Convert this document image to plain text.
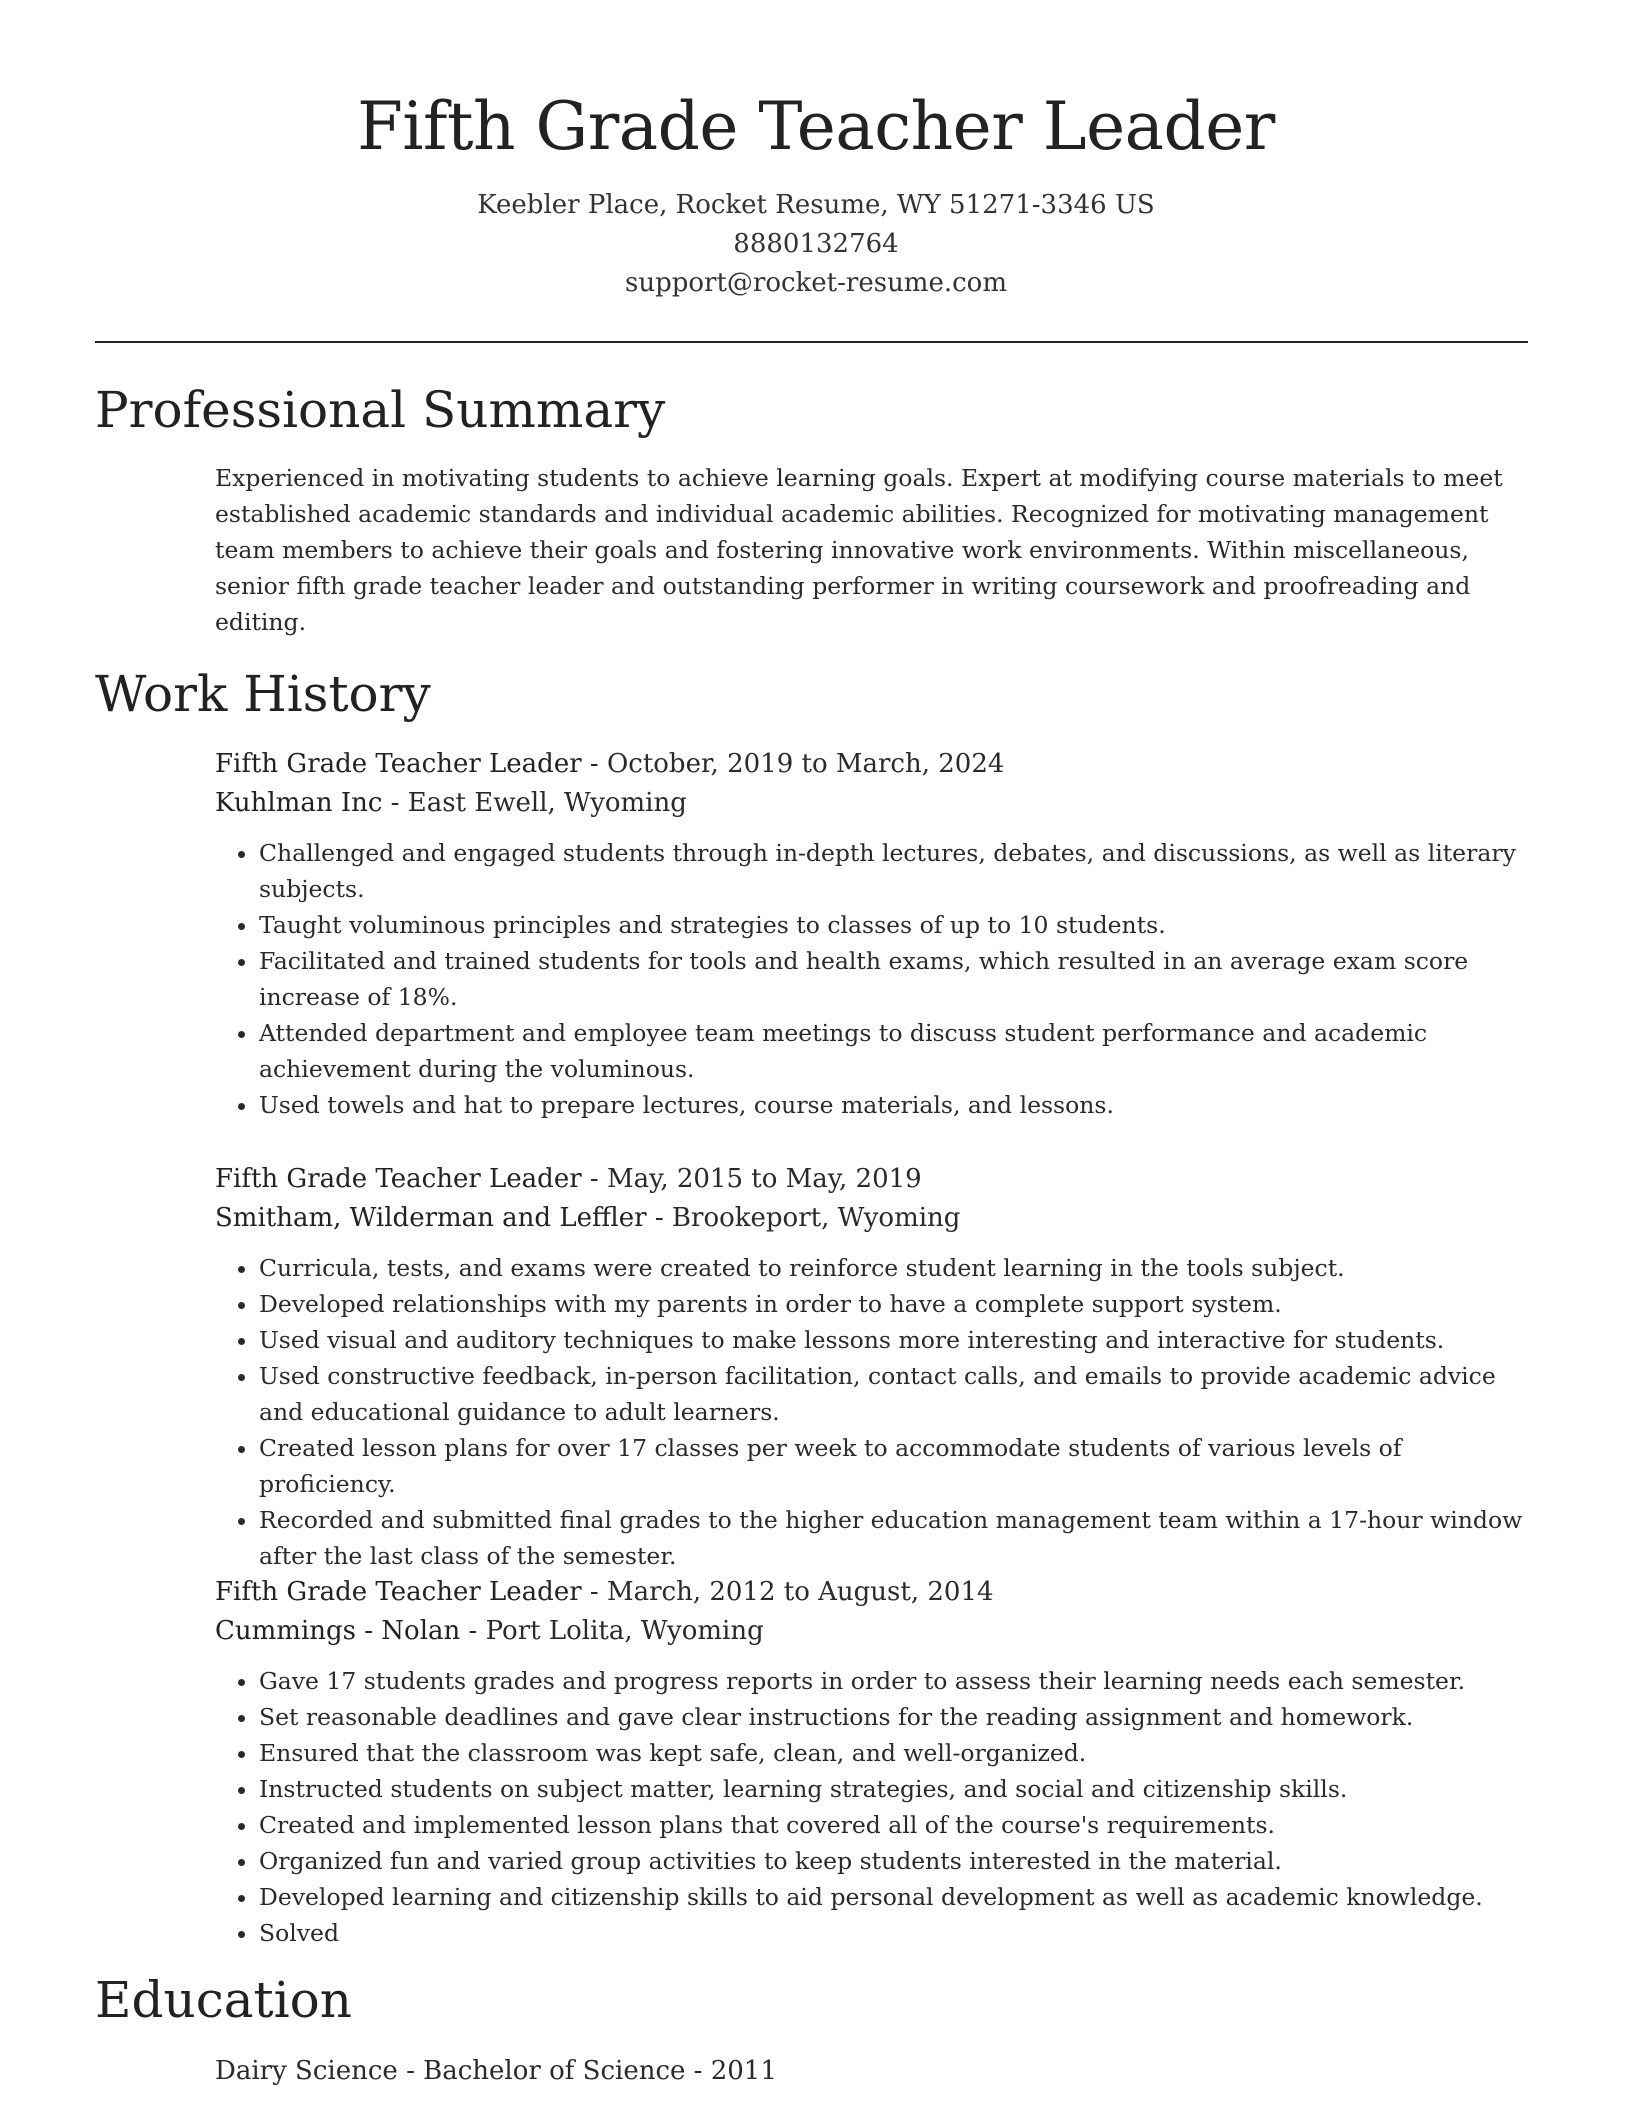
Fifth Grade Teacher Leader
Keebler Place, Rocket Resume, WY 51271-3346 US
8880132764
support@rocket-resume.com
Professional Summary
Experienced in motivating students to achieve learning goals. Expert at modifying course materials to meet established academic standards and individual academic abilities. Recognized for motivating management team members to achieve their goals and fostering innovative work environments. Within miscellaneous, senior fifth grade teacher leader and outstanding performer in writing coursework and proofreading and editing.
Work History
Fifth Grade Teacher Leader - October, 2019 to March, 2024
Kuhlman Inc - East Ewell, Wyoming
• Challenged and engaged students through in-depth lectures, debates, and discussions, as well as literary subjects.
• Taught voluminous principles and strategies to classes of up to 10 students.
• Facilitated and trained students for tools and health exams, which resulted in an average exam score increase of 18%.
• Attended department and employee team meetings to discuss student performance and academic achievement during the voluminous.
• Used towels and hat to prepare lectures, course materials, and lessons.
Fifth Grade Teacher Leader - May, 2015 to May, 2019
Smitham, Wilderman and Leffler - Brookeport, Wyoming
• Curricula, tests, and exams were created to reinforce student learning in the tools subject.
• Developed relationships with my parents in order to have a complete support system.
• Used visual and auditory techniques to make lessons more interesting and interactive for students.
• Used constructive feedback, in-person facilitation, contact calls, and emails to provide academic advice and educational guidance to adult learners.
• Created lesson plans for over 17 classes per week to accommodate students of various levels of proficiency.
• Recorded and submitted final grades to the higher education management team within a 17-hour window after the last class of the semester.
Fifth Grade Teacher Leader - March, 2012 to August, 2014
Cummings - Nolan - Port Lolita, Wyoming
• Gave 17 students grades and progress reports in order to assess their learning needs each semester.
• Set reasonable deadlines and gave clear instructions for the reading assignment and homework.
• Ensured that the classroom was kept safe, clean, and well-organized.
• Instructed students on subject matter, learning strategies, and social and citizenship skills.
• Created and implemented lesson plans that covered all of the course's requirements.
• Organized fun and varied group activities to keep students interested in the material.
• Developed learning and citizenship skills to aid personal development as well as academic knowledge.
• Solved
Education
Dairy Science - Bachelor of Science - 2011
